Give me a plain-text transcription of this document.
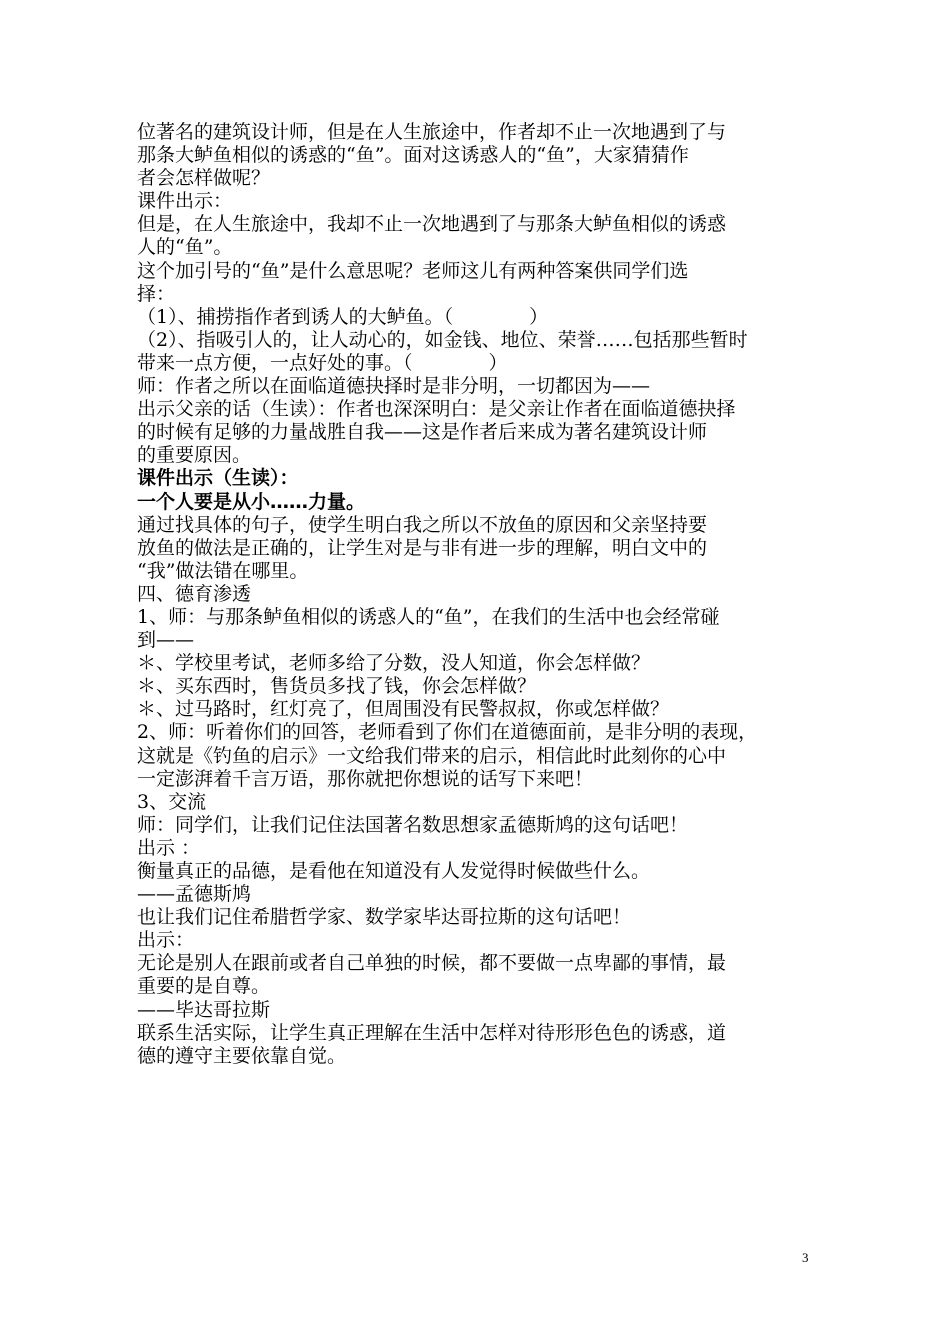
位著名的建筑设计师，但是在人生旅途中，作者却不止一次地遇到了与
那条大鲈鱼相似的诱惑的“鱼”。面对这诱惑人的“鱼”，大家猜猜作
者会怎样做呢？
课件出示：
但是，在人生旅途中，我却不止一次地遇到了与那条大鲈鱼相似的诱惑
人的“鱼”。
这个加引号的“鱼”是什么意思呢？老师这儿有两种答案供同学们选
择：
（1）、捕捞指作者到诱人的大鲈鱼。（　　　　）
（2）、指吸引人的，让人动心的，如金钱、地位、荣誉……包括那些暂时
带来一点方便，一点好处的事。（　　　　）
师：作者之所以在面临道德抉择时是非分明，一切都因为——
出示父亲的话（生读）：作者也深深明白：是父亲让作者在面临道德抉择
的时候有足够的力量战胜自我——这是作者后来成为著名建筑设计师
的重要原因。
课件出示（生读）：
一个人要是从小……力量。
通过找具体的句子，使学生明白我之所以不放鱼的原因和父亲坚持要
放鱼的做法是正确的，让学生对是与非有进一步的理解，明白文中的
“我”做法错在哪里。
四、德育渗透
1、师：与那条鲈鱼相似的诱惑人的“鱼”，在我们的生活中也会经常碰
到——
＊、学校里考试，老师多给了分数，没人知道，你会怎样做？
＊、买东西时，售货员多找了钱，你会怎样做？
＊、过马路时，红灯亮了，但周围没有民警叔叔，你或怎样做？
2、师：听着你们的回答，老师看到了你们在道德面前，是非分明的表现，
这就是《钓鱼的启示》一文给我们带来的启示，相信此时此刻你的心中
一定澎湃着千言万语，那你就把你想说的话写下来吧！
3、交流
师：同学们，让我们记住法国著名数思想家孟德斯鸠的这句话吧！
出示 ：
衡量真正的品德，是看他在知道没有人发觉得时候做些什么。
——孟德斯鸠
也让我们记住希腊哲学家、数学家毕达哥拉斯的这句话吧！
出示：
无论是别人在跟前或者自己单独的时候，都不要做一点卑鄙的事情，最
重要的是自尊。
——毕达哥拉斯
联系生活实际，让学生真正理解在生活中怎样对待形形色色的诱惑，道
德的遵守主要依靠自觉。
3
